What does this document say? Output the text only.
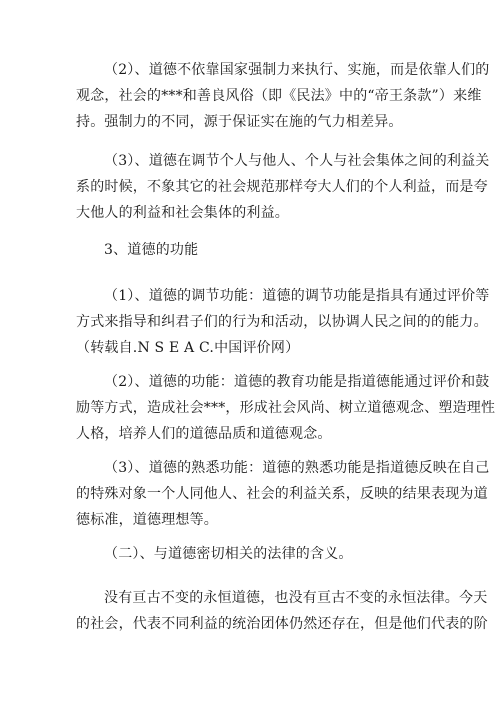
（2）、道德不依靠国家强制力来执行、实施，而是依靠人们的
观念，社会的***和善良风俗（即《民法》中的“帝王条款”）来维
持。强制力的不同，源于保证实在施的气力相差异。
（3）、道德在调节个人与他人、个人与社会集体之间的利益关
系的时候，不象其它的社会规范那样夸大人们的个人利益，而是夸
大他人的利益和社会集体的利益。
3、道德的功能
（1）、道德的调节功能：道德的调节功能是指具有通过评价等
方式来指导和纠君子们的行为和活动，以协调人民之间的的能力。
（转载自.N S E A C.中国评价网）
（2）、道德的功能：道德的教育功能是指道德能通过评价和鼓
励等方式，造成社会***，形成社会风尚、树立道德观念、塑造理性
人格，培养人们的道德品质和道德观念。
（3）、道德的熟悉功能：道德的熟悉功能是指道德反映在自己
的特殊对象一个人同他人、社会的利益关系，反映的结果表现为道
德标准，道德理想等。
（二）、与道德密切相关的法律的含义。
没有亘古不变的永恒道德，也没有亘古不变的永恒法律。今天
的社会，代表不同利益的统治团体仍然还存在，但是他们代表的阶
